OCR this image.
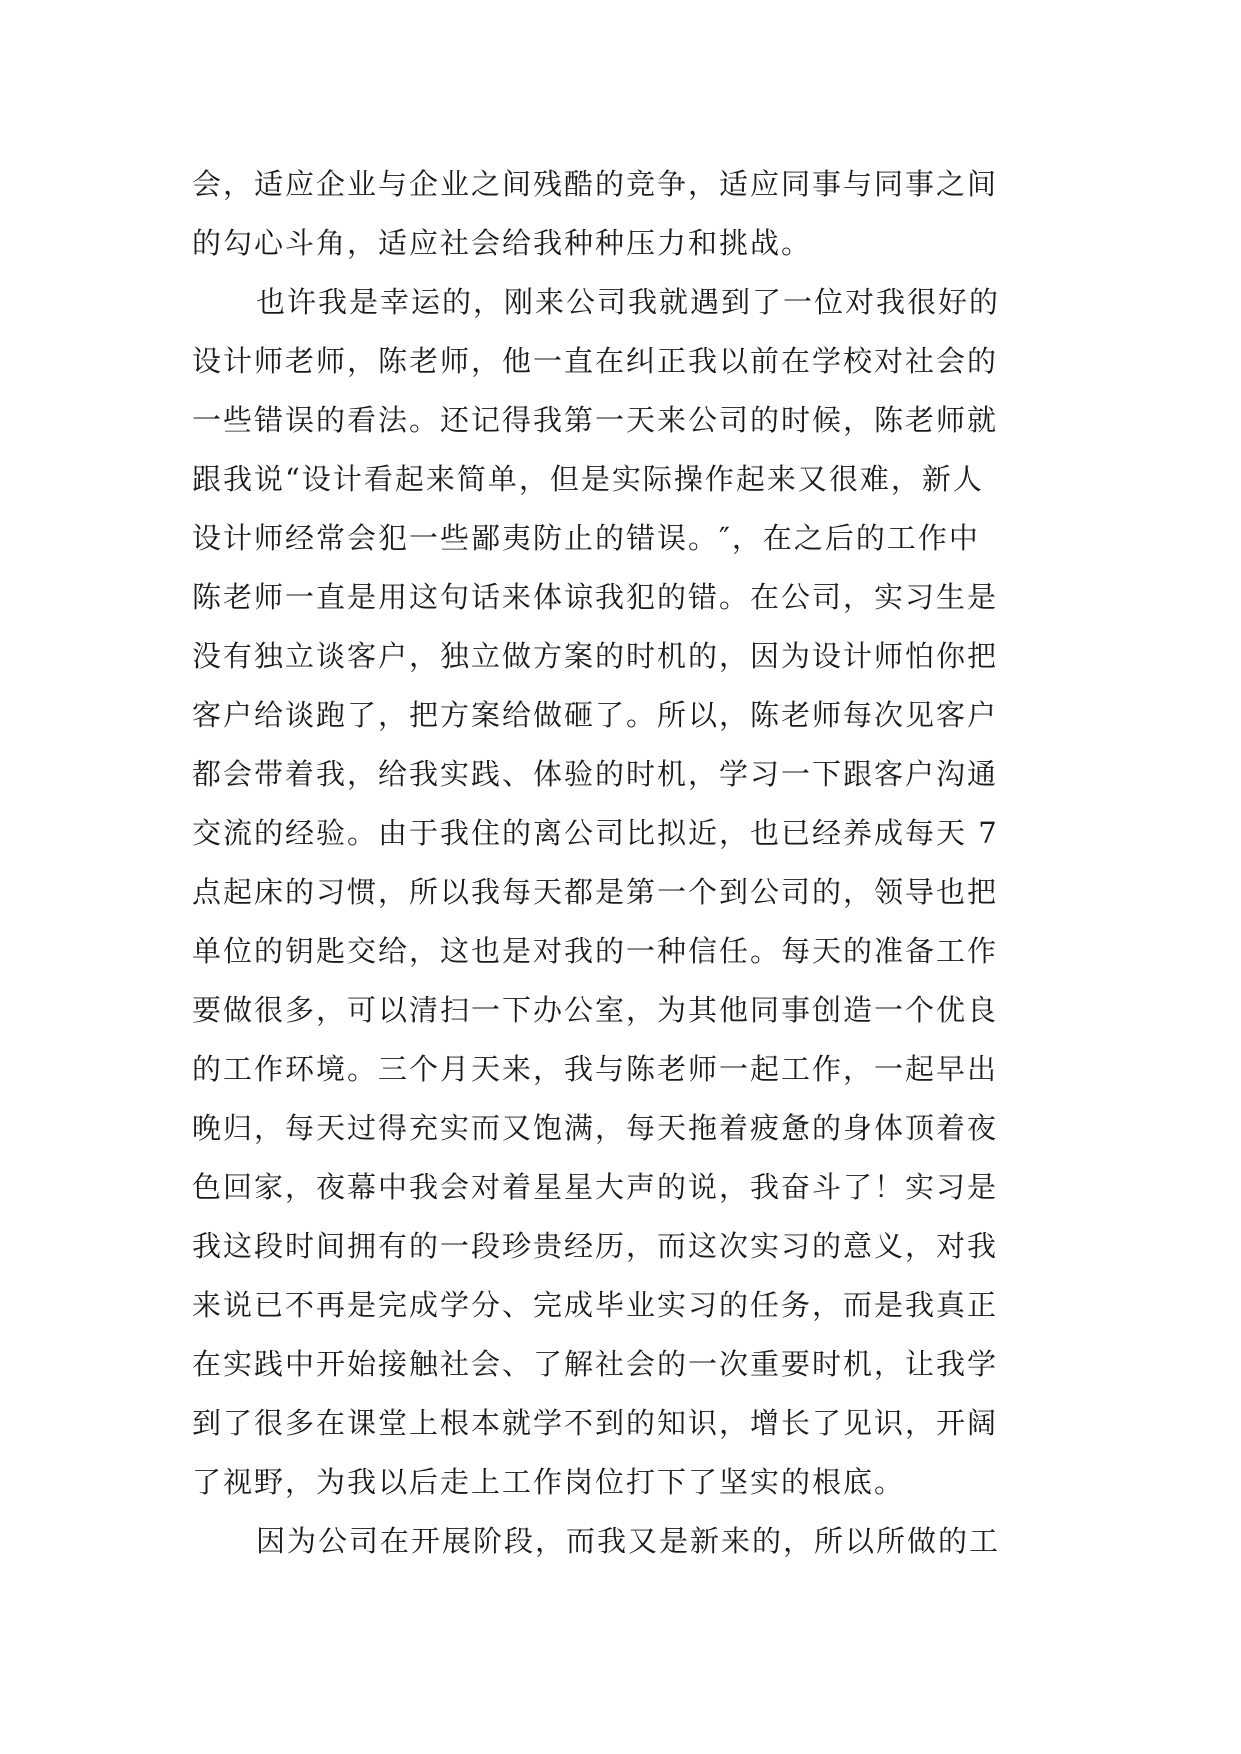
会，适应企业与企业之间残酷的竞争，适应同事与同事之间
的勾心斗角，适应社会给我种种压力和挑战。
也许我是幸运的，刚来公司我就遇到了一位对我很好的
设计师老师，陈老师，他一直在纠正我以前在学校对社会的
一些错误的看法。还记得我第一天来公司的时候，陈老师就
跟我说“设计看起来简单，但是实际操作起来又很难，新人
设计师经常会犯一些鄙夷防止的错误。″，在之后的工作中
陈老师一直是用这句话来体谅我犯的错。在公司，实习生是
没有独立谈客户，独立做方案的时机的，因为设计师怕你把
客户给谈跑了，把方案给做砸了。所以，陈老师每次见客户
都会带着我，给我实践、体验的时机，学习一下跟客户沟通
交流的经验。由于我住的离公司比拟近，也已经养成每天 7
点起床的习惯，所以我每天都是第一个到公司的，领导也把
单位的钥匙交给，这也是对我的一种信任。每天的准备工作
要做很多，可以清扫一下办公室，为其他同事创造一个优良
的工作环境。三个月天来，我与陈老师一起工作，一起早出
晚归，每天过得充实而又饱满，每天拖着疲惫的身体顶着夜
色回家，夜幕中我会对着星星大声的说，我奋斗了！实习是
我这段时间拥有的一段珍贵经历，而这次实习的意义，对我
来说已不再是完成学分、完成毕业实习的任务，而是我真正
在实践中开始接触社会、了解社会的一次重要时机，让我学
到了很多在课堂上根本就学不到的知识，增长了见识，开阔
了视野，为我以后走上工作岗位打下了坚实的根底。
因为公司在开展阶段，而我又是新来的，所以所做的工
